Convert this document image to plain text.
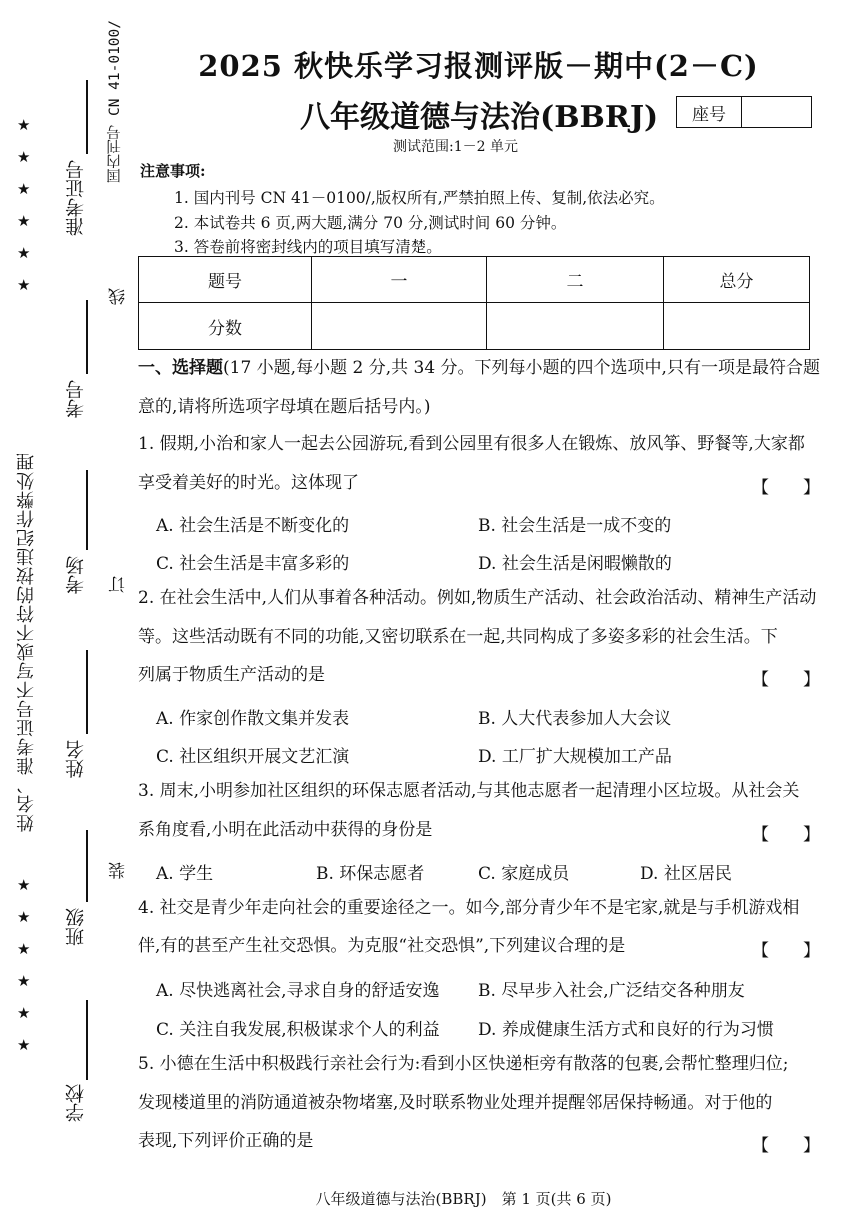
姓名、准考证号不写或不符的按违纪作弊处理
★
★
★
★
★
★
★
★
★
★
★
★
准考证号
考号
考场
姓名
班级
学校
国内刊号 CN 41-0100/
线
订
装
2025 秋快乐学习报测评版－期中(2－C)
八年级道德与法治(BBRJ)	座号
测试范围:1－2 单元
注意事项:
1. 国内刊号 CN 41－0100/,版权所有,严禁拍照上传、复制,依法必究。
2. 本试卷共 6 页,两大题,满分 70 分,测试时间 60 分钟。
3. 答卷前将密封线内的项目填写清楚。
题号	一	二	总分
分数			
一、选择题(17 小题,每小题 2 分,共 34 分。下列每小题的四个选项中,只有一项是最符合题
意的,请将所选项字母填在题后括号内。)
1. 假期,小治和家人一起去公园游玩,看到公园里有很多人在锻炼、放风筝、野餐等,大家都
享受着美好的时光。这体现了	【　　】
A. 社会生活是不断变化的	B. 社会生活是一成不变的
C. 社会生活是丰富多彩的	D. 社会生活是闲暇懒散的
2. 在社会生活中,人们从事着各种活动。例如,物质生产活动、社会政治活动、精神生产活动
等。这些活动既有不同的功能,又密切联系在一起,共同构成了多姿多彩的社会生活。下
列属于物质生产活动的是	【　　】
A. 作家创作散文集并发表	B. 人大代表参加人大会议
C. 社区组织开展文艺汇演	D. 工厂扩大规模加工产品
3. 周末,小明参加社区组织的环保志愿者活动,与其他志愿者一起清理小区垃圾。从社会关
系角度看,小明在此活动中获得的身份是	【　　】
A. 学生	B. 环保志愿者	C. 家庭成员	D. 社区居民
4. 社交是青少年走向社会的重要途径之一。如今,部分青少年不是宅家,就是与手机游戏相
伴,有的甚至产生社交恐惧。为克服“社交恐惧”,下列建议合理的是	【　　】
A. 尽快逃离社会,寻求自身的舒适安逸 B. 尽早步入社会,广泛结交各种朋友
C. 关注自我发展,积极谋求个人的利益 D. 养成健康生活方式和良好的行为习惯
5. 小德在生活中积极践行亲社会行为:看到小区快递柜旁有散落的包裹,会帮忙整理归位;
发现楼道里的消防通道被杂物堵塞,及时联系物业处理并提醒邻居保持畅通。对于他的
表现,下列评价正确的是	【　　】
八年级道德与法治(BBRJ)　第 1 页(共 6 页)
